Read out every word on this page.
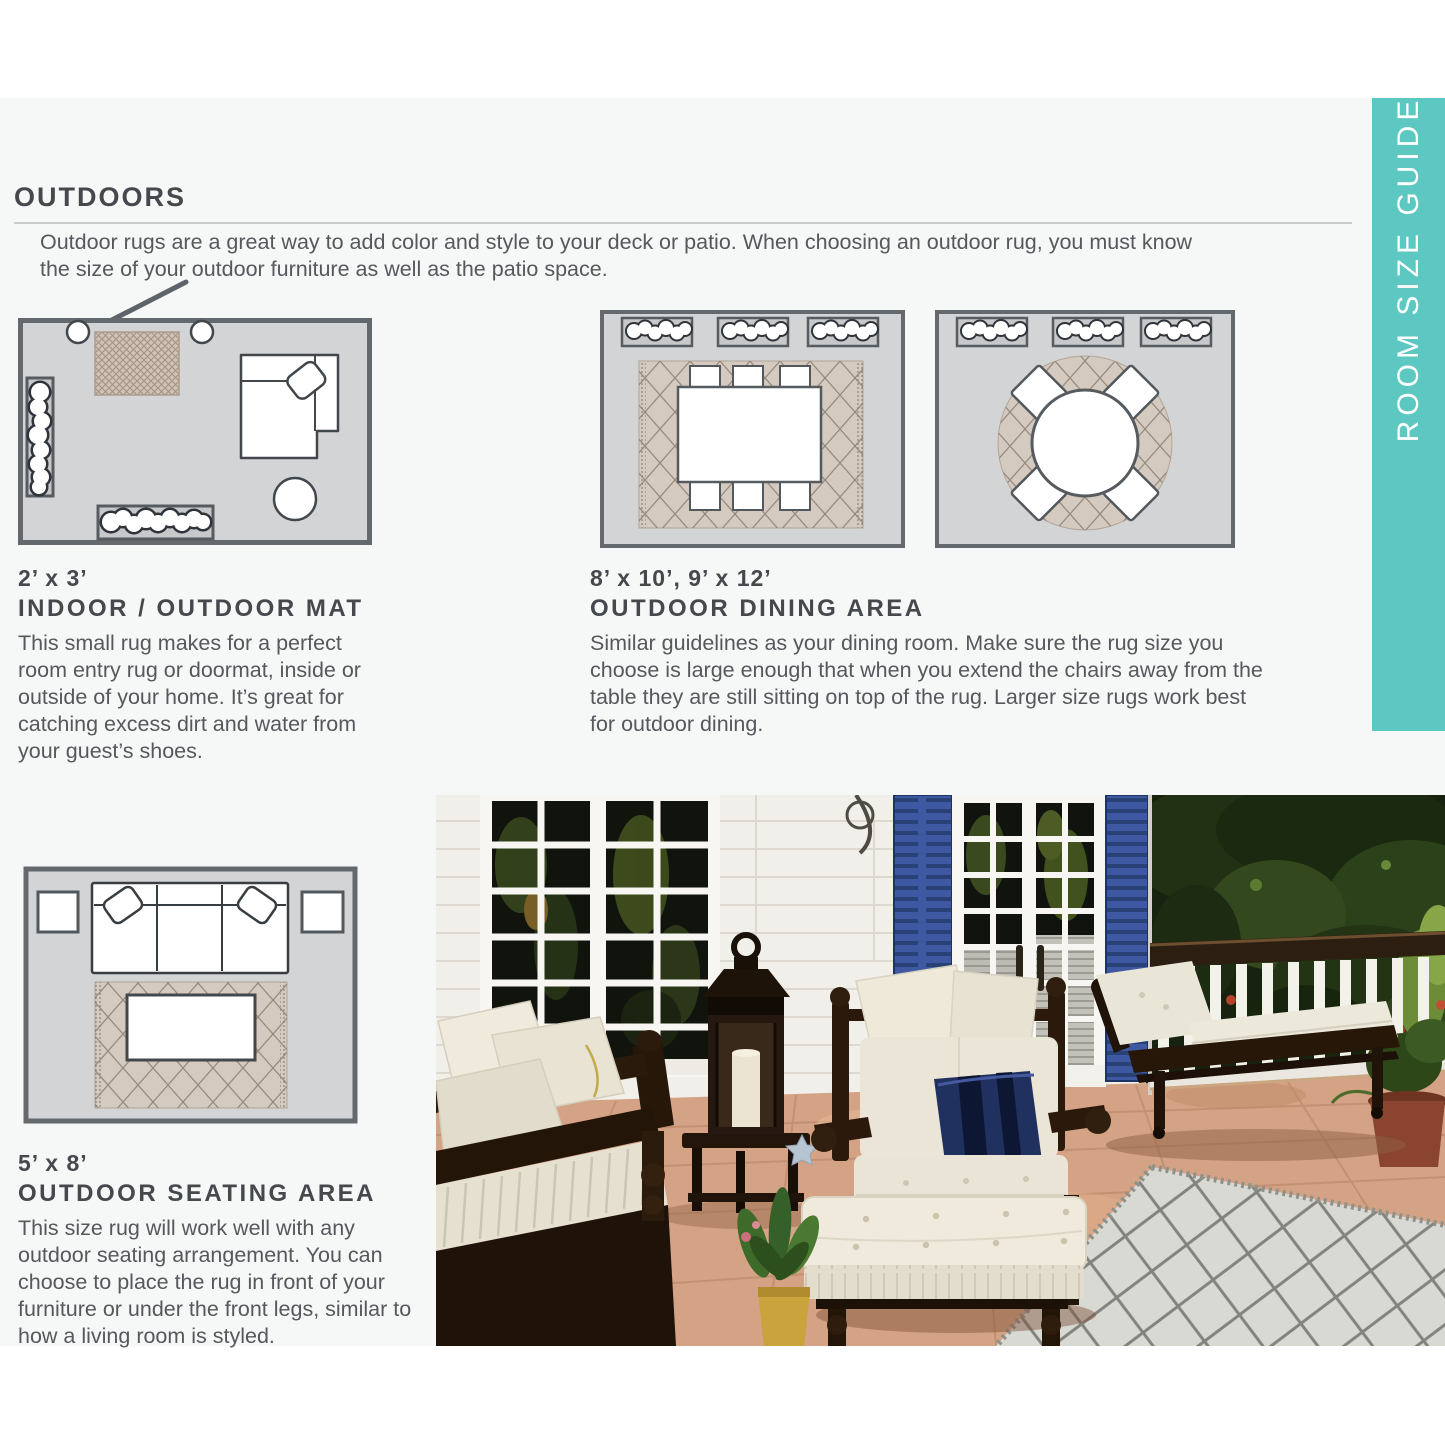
OUTDOORS

Outdoor rugs are a great way to add color and style to your deck or patio. When choosing an outdoor rug, you must know the size of your outdoor furniture as well as the patio space.

2’ x 3’
INDOOR / OUTDOOR MAT

This small rug makes for a perfect room entry rug or doormat, inside or outside of your home. It’s great for catching excess dirt and water from your guest’s shoes.

8’ x 10’, 9’ x 12’
OUTDOOR DINING AREA

Similar guidelines as your dining room. Make sure the rug size you choose is large enough that when you extend the chairs away from the table they are still sitting on top of the rug. Larger size rugs work best for outdoor dining.

5’ x 8’
OUTDOOR SEATING AREA

This size rug will work well with any outdoor seating arrangement. You can choose to place the rug in front of your furniture or under the front legs, similar to how a living room is styled.

ROOM SIZE GUIDE
